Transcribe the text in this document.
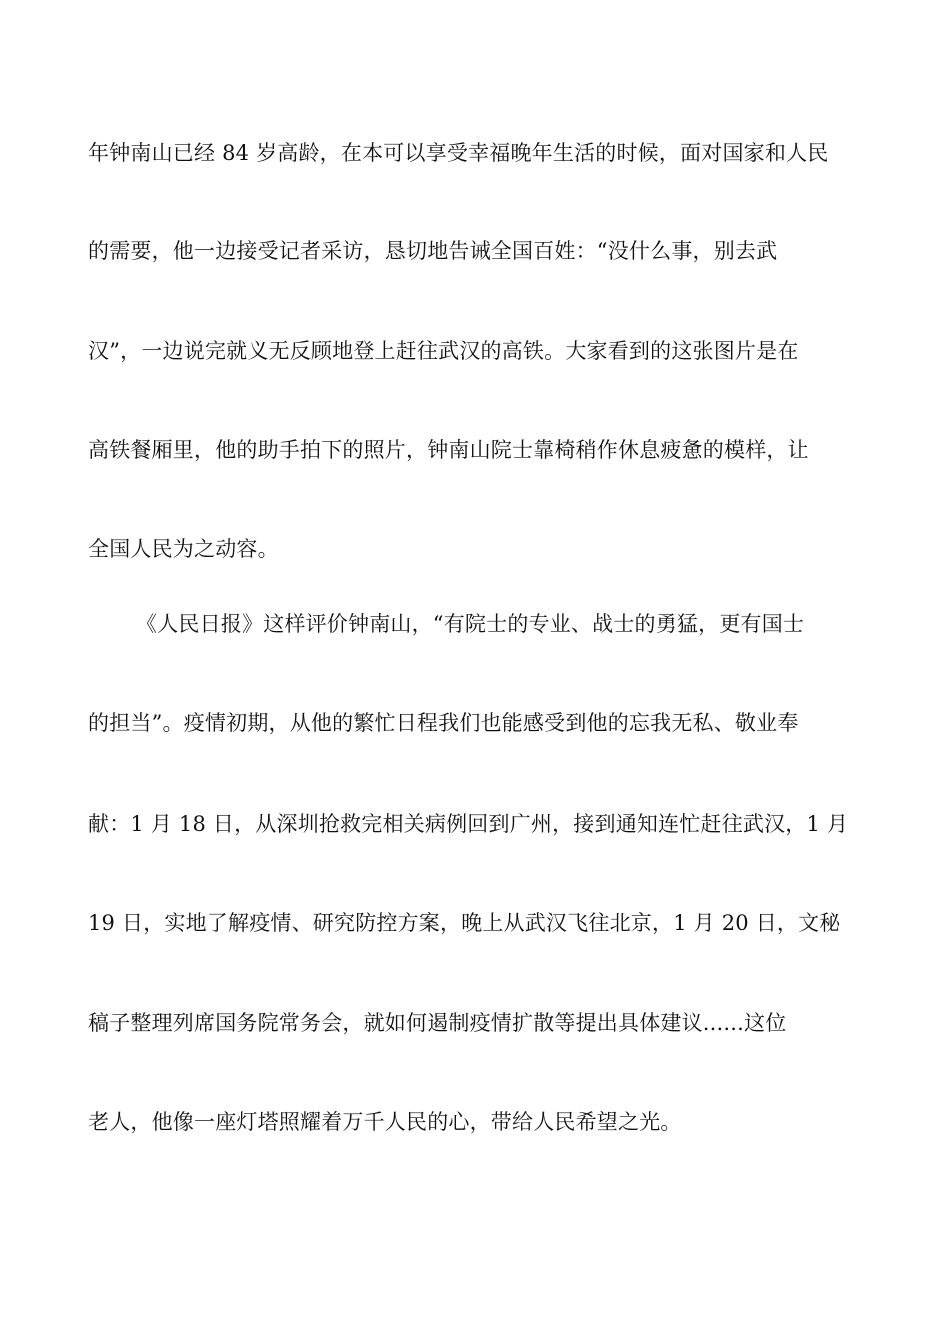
年钟南山已经 84 岁高龄，在本可以享受幸福晚年生活的时候，面对国家和人民
的需要，他一边接受记者采访，恳切地告诫全国百姓：“没什么事，别去武
汉”，一边说完就义无反顾地登上赶往武汉的高铁。大家看到的这张图片是在
高铁餐厢里，他的助手拍下的照片，钟南山院士靠椅稍作休息疲惫的模样，让
全国人民为之动容。
《人民日报》这样评价钟南山，“有院士的专业、战士的勇猛，更有国士
的担当”。疫情初期，从他的繁忙日程我们也能感受到他的忘我无私、敬业奉
献：1 月 18 日，从深圳抢救完相关病例回到广州，接到通知连忙赶往武汉，1 月
19 日，实地了解疫情、研究防控方案，晚上从武汉飞往北京，1 月 20 日，文秘
稿子整理列席国务院常务会，就如何遏制疫情扩散等提出具体建议......这位
老人，他像一座灯塔照耀着万千人民的心，带给人民希望之光。
